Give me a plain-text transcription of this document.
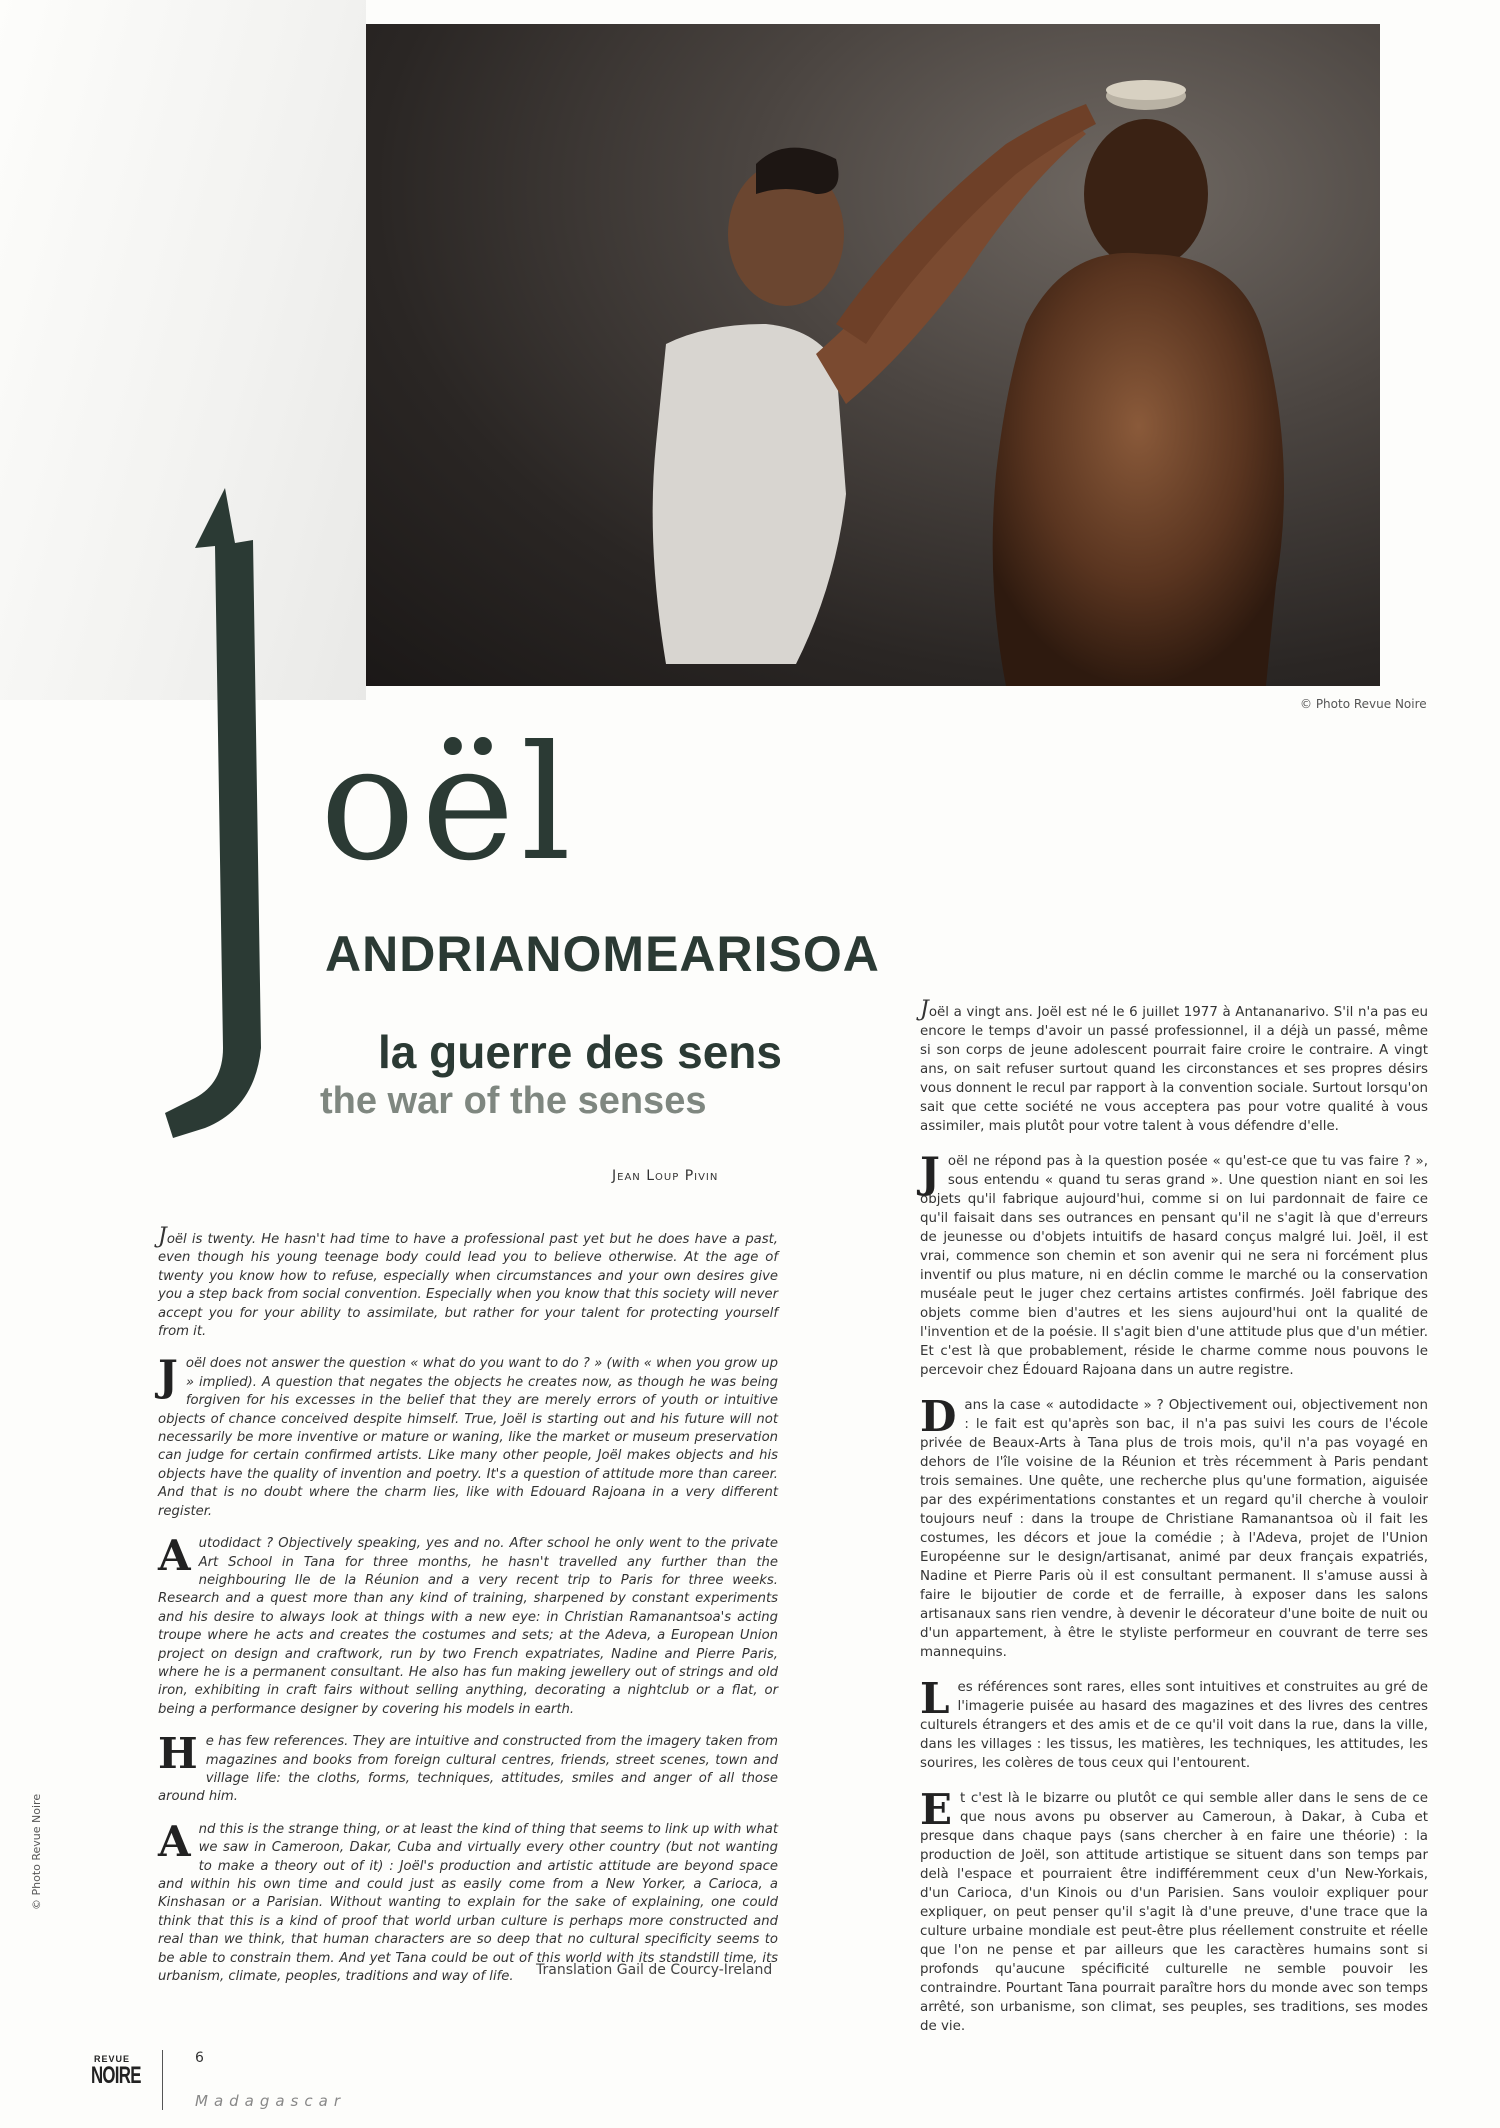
© Photo Revue Noire
© Photo Revue Noire
oël
ANDRIANOMEARISOA
la guerre des sens
the war of the senses
Jean Loup Pivin

Joël is twenty. He hasn't had time to have a professional past yet but he does have a past, even though his young teenage body could lead you to believe otherwise. At the age of twenty you know how to refuse, especially when circumstances and your own desires give you a step back from social convention. Especially when you know that this society will never accept you for your ability to assimilate, but rather for your talent for protecting yourself from it.

Joël does not answer the question « what do you want to do ? » (with « when you grow up » implied). A question that negates the objects he creates now, as though he was being forgiven for his excesses in the belief that they are merely errors of youth or intuitive objects of chance conceived despite himself. True, Joël is starting out and his future will not necessarily be more inventive or mature or waning, like the market or museum preservation can judge for certain confirmed artists. Like many other people, Joël makes objects and his objects have the quality of invention and poetry. It's a question of attitude more than career. And that is no doubt where the charm lies, like with Edouard Rajoana in a very different register.

Autodidact ? Objectively speaking, yes and no. After school he only went to the private Art School in Tana for three months, he hasn't travelled any further than the neighbouring Ile de la Réunion and a very recent trip to Paris for three weeks. Research and a quest more than any kind of training, sharpened by constant experiments and his desire to always look at things with a new eye: in Christian Ramanantsoa's acting troupe where he acts and creates the costumes and sets; at the Adeva, a European Union project on design and craftwork, run by two French expatriates, Nadine and Pierre Paris, where he is a permanent consultant. He also has fun making jewellery out of strings and old iron, exhibiting in craft fairs without selling anything, decorating a nightclub or a flat, or being a performance designer by covering his models in earth.

He has few references. They are intuitive and constructed from the imagery taken from magazines and books from foreign cultural centres, friends, street scenes, town and village life: the cloths, forms, techniques, attitudes, smiles and anger of all those around him.

And this is the strange thing, or at least the kind of thing that seems to link up with what we saw in Cameroon, Dakar, Cuba and virtually every other country (but not wanting to make a theory out of it) : Joël's production and artistic attitude are beyond space and within his own time and could just as easily come from a New Yorker, a Carioca, a Kinshasan or a Parisian. Without wanting to explain for the sake of explaining, one could think that this is a kind of proof that world urban culture is perhaps more constructed and real than we think, that human characters are so deep that no cultural specificity seems to be able to constrain them. And yet Tana could be out of this world with its standstill time, its urbanism, climate, peoples, traditions and way of life.	Translation Gail de Courcy-Ireland

Joël a vingt ans. Joël est né le 6 juillet 1977 à Antananarivo. S'il n'a pas eu encore le temps d'avoir un passé professionnel, il a déjà un passé, même si son corps de jeune adolescent pourrait faire croire le contraire. A vingt ans, on sait refuser surtout quand les circonstances et ses propres désirs vous donnent le recul par rapport à la convention sociale. Surtout lorsqu'on sait que cette société ne vous acceptera pas pour votre qualité à vous assimiler, mais plutôt pour votre talent à vous défendre d'elle.

Joël ne répond pas à la question posée « qu'est-ce que tu vas faire ? », sous entendu « quand tu seras grand ». Une question niant en soi les objets qu'il fabrique aujourd'hui, comme si on lui pardonnait de faire ce qu'il faisait dans ses outrances en pensant qu'il ne s'agit là que d'erreurs de jeunesse ou d'objets intuitifs de hasard conçus malgré lui. Joël, il est vrai, commence son chemin et son avenir qui ne sera ni forcément plus inventif ou plus mature, ni en déclin comme le marché ou la conservation muséale peut le juger chez certains artistes confirmés. Joël fabrique des objets comme bien d'autres et les siens aujourd'hui ont la qualité de l'invention et de la poésie. Il s'agit bien d'une attitude plus que d'un métier. Et c'est là que probablement, réside le charme comme nous pouvons le percevoir chez Édouard Rajoana dans un autre registre.

Dans la case « autodidacte » ? Objectivement oui, objectivement non : le fait est qu'après son bac, il n'a pas suivi les cours de l'école privée de Beaux-Arts à Tana plus de trois mois, qu'il n'a pas voyagé en dehors de l'île voisine de la Réunion et très récemment à Paris pendant trois semaines. Une quête, une recherche plus qu'une formation, aiguisée par des expérimentations constantes et un regard qu'il cherche à vouloir toujours neuf : dans la troupe de Christiane Ramanantsoa où il fait les costumes, les décors et joue la comédie ; à l'Adeva, projet de l'Union Européenne sur le design/artisanat, animé par deux français expatriés, Nadine et Pierre Paris où il est consultant permanent. Il s'amuse aussi à faire le bijoutier de corde et de ferraille, à exposer dans les salons artisanaux sans rien vendre, à devenir le décorateur d'une boite de nuit ou d'un appartement, à être le styliste performeur en couvrant de terre ses mannequins.

Les références sont rares, elles sont intuitives et construites au gré de l'imagerie puisée au hasard des magazines et des livres des centres culturels étrangers et des amis et de ce qu'il voit dans la rue, dans la ville, dans les villages : les tissus, les matières, les techniques, les attitudes, les sourires, les colères de tous ceux qui l'entourent.

Et c'est là le bizarre ou plutôt ce qui semble aller dans le sens de ce que nous avons pu observer au Cameroun, à Dakar, à Cuba et presque dans chaque pays (sans chercher à en faire une théorie) : la production de Joël, son attitude artistique se situent dans son temps par delà l'espace et pourraient être indifféremment ceux d'un New-Yorkais, d'un Carioca, d'un Kinois ou d'un Parisien. Sans vouloir expliquer pour expliquer, on peut penser qu'il s'agit là d'une preuve, d'une trace que la culture urbaine mondiale est peut-être plus réellement construite et réelle que l'on ne pense et par ailleurs que les caractères humains sont si profonds qu'aucune spécificité culturelle ne semble pouvoir les contraindre. Pourtant Tana pourrait paraître hors du monde avec son temps arrêté, son urbanisme, son climat, ses peuples, ses traditions, ses modes de vie.

REVUE
NOIRE
6
Madagascar
